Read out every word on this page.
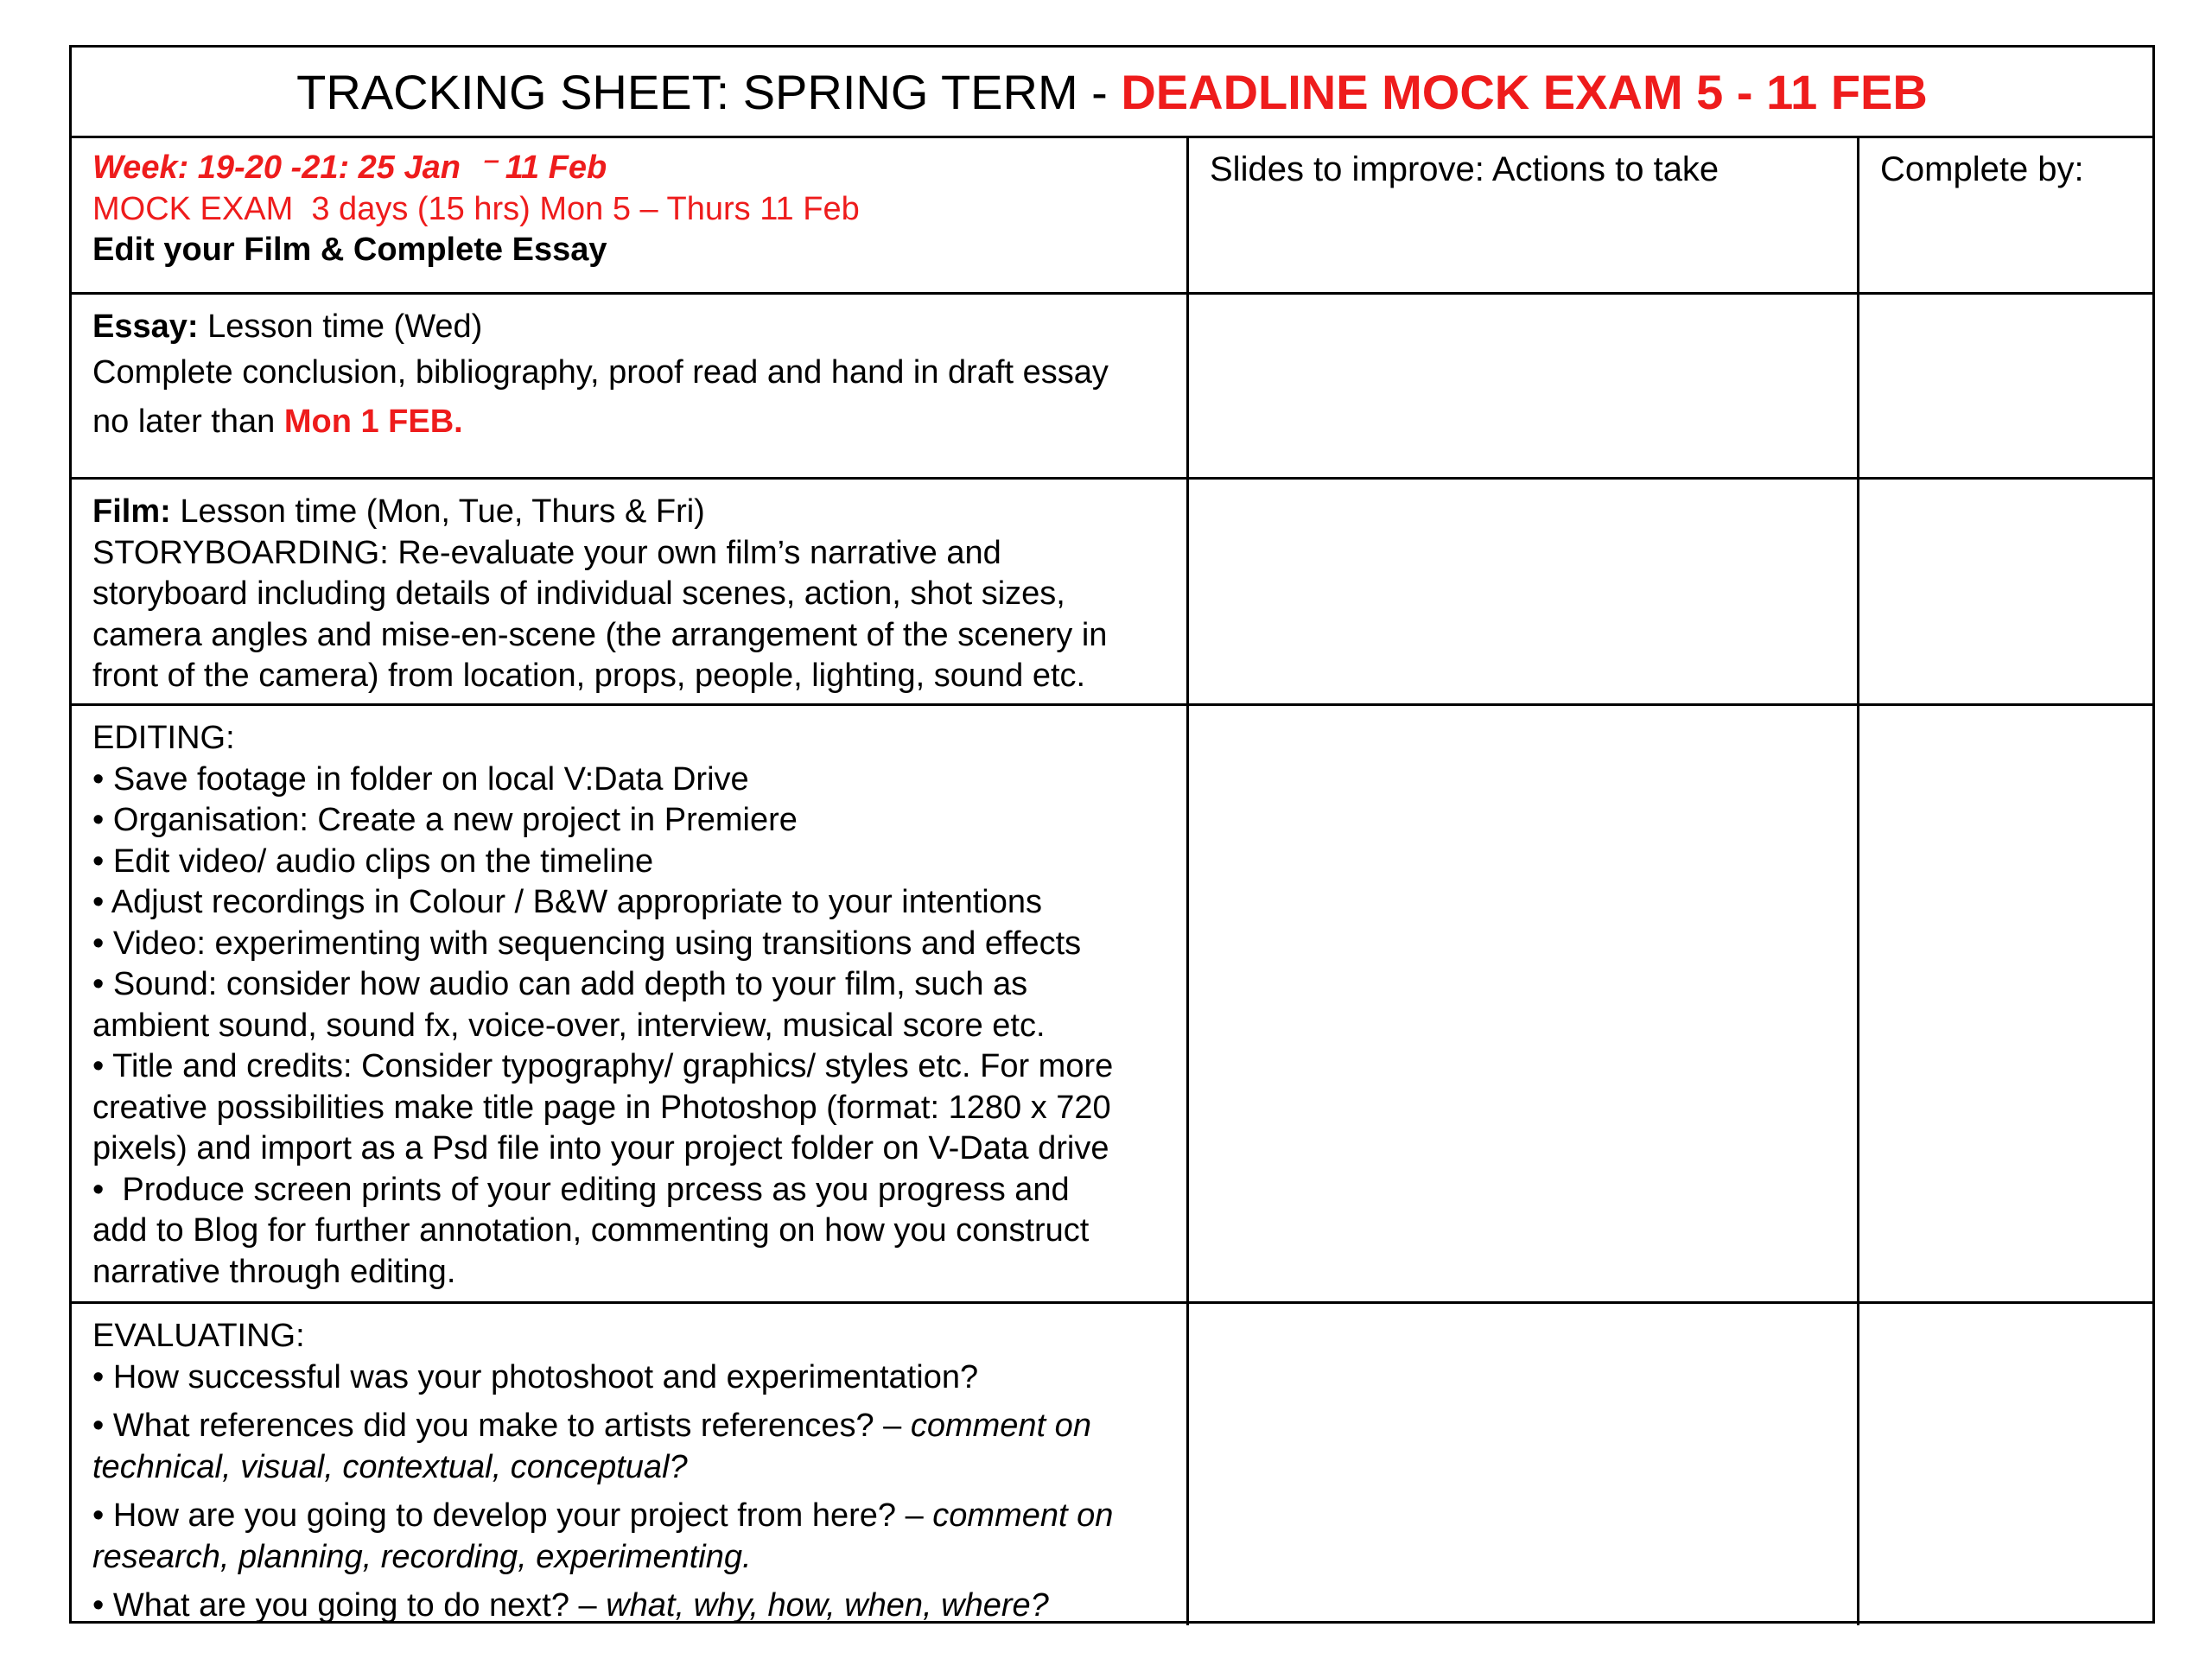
TRACKING SHEET: SPRING TERM - DEADLINE MOCK EXAM 5 - 11 FEB
Week: 19-20 -21: 25 Jan  ⁻ 11 Feb
MOCK EXAM  3 days (15 hrs) Mon 5 – Thurs 11 Feb
Edit your Film & Complete Essay
Slides to improve: Actions to take	Complete by:
Essay: Lesson time (Wed)
Complete conclusion, bibliography, proof read and hand in draft essay
no later than Mon 1 FEB.
Film: Lesson time (Mon, Tue, Thurs & Fri)
STORYBOARDING: Re-evaluate your own film’s narrative and
storyboard including details of individual scenes, action, shot sizes,
camera angles and mise-en-scene (the arrangement of the scenery in
front of the camera) from location, props, people, lighting, sound etc.
EDITING:
• Save footage in folder on local V:Data Drive
• Organisation: Create a new project in Premiere
• Edit video/ audio clips on the timeline
• Adjust recordings in Colour / B&W appropriate to your intentions
• Video: experimenting with sequencing using transitions and effects
• Sound: consider how audio can add depth to your film, such as
ambient sound, sound fx, voice-over, interview, musical score etc.
• Title and credits: Consider typography/ graphics/ styles etc. For more
creative possibilities make title page in Photoshop (format: 1280 x 720
pixels) and import as a Psd file into your project folder on V-Data drive
•  Produce screen prints of your editing prcess as you progress and
add to Blog for further annotation, commenting on how you construct
narrative through editing.
EVALUATING:
• How successful was your photoshoot and experimentation?
• What references did you make to artists references? – comment on
technical, visual, contextual, conceptual?
• How are you going to develop your project from here? – comment on
research, planning, recording, experimenting.
• What are you going to do next? – what, why, how, when, where?
